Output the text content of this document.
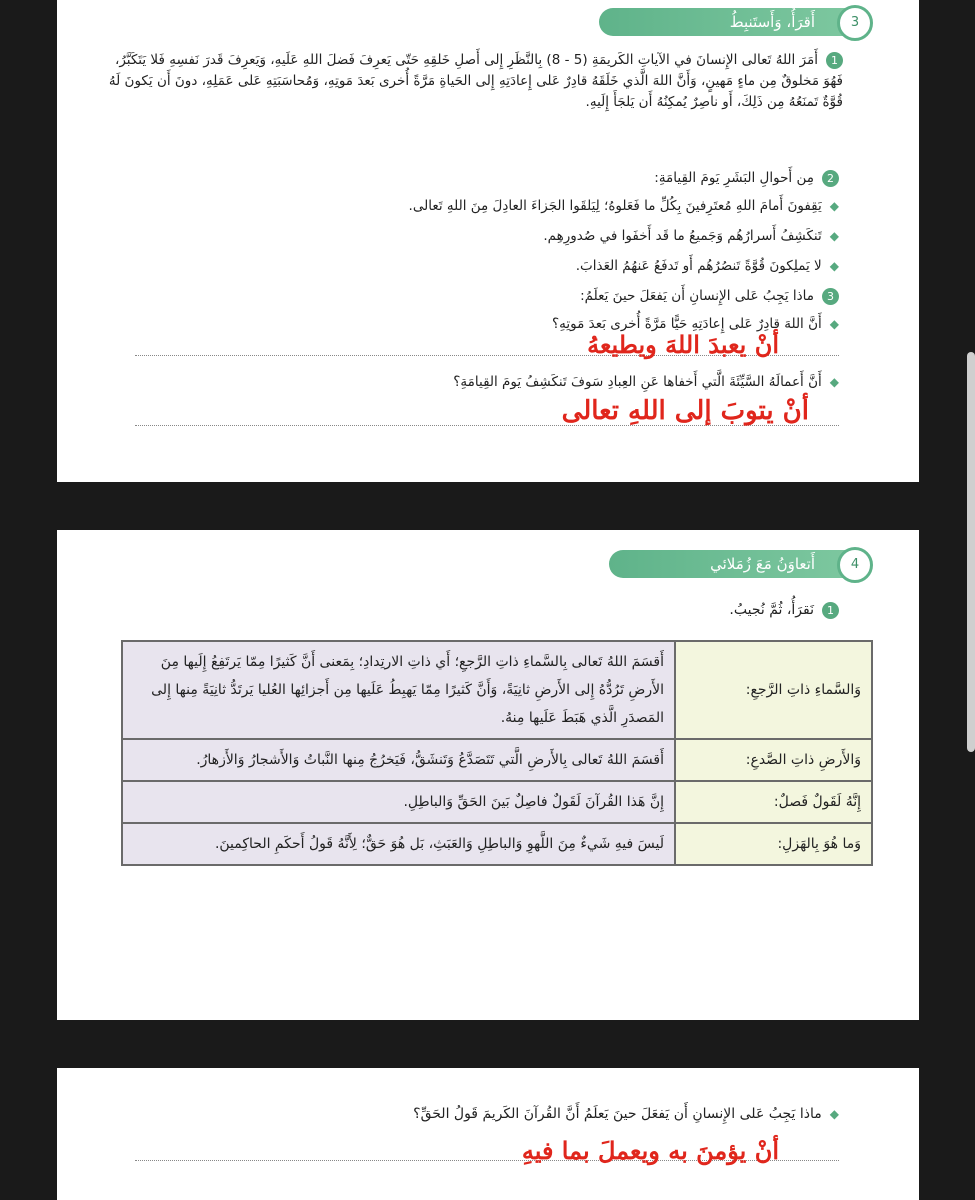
أَقرَأُ، وَأَستَنبِطُ	3
1أَمَرَ اللهُ تَعالى الإِنسانَ في الآياتِ الكَريمَةِ (5 - 8) بِالنَّظَرِ إِلى أَصلِ خَلقِهِ حَتّى يَعرِفَ فَضلَ اللهِ عَلَيهِ، وَيَعرِفَ قَدرَ نَفسِهِ فَلا يَتَكَبَّرُ، فَهُوَ مَخلوقٌ مِن ماءٍ مَهينٍ، وَأَنَّ اللهَ الَّذي خَلَقَهُ قادِرٌ عَلى إِعادَتِهِ إِلى الحَياةِ مَرَّةً أُخرى بَعدَ مَوتِهِ، وَمُحاسَبَتِهِ عَلى عَمَلِهِ، دونَ أَن يَكونَ لَهُ قُوَّةٌ تَمنَعُهُ مِن ذَلِكَ، أَو ناصِرٌ يُمكِنُهُ أَن يَلجَأَ إِلَيهِ.
2مِن أَحوالِ البَشَرِ يَومَ القِيامَةِ:
◆يَقِفونَ أَمامَ اللهِ مُعتَرِفينَ بِكُلِّ ما فَعَلوهُ؛ لِيَلقَوا الجَزاءَ العادِلَ مِنَ اللهِ تَعالى.
◆تَنكَشِفُ أَسرارُهُم وَجَميعُ ما قَد أَخفَوا في صُدورِهِم.
◆لا يَملِكونَ قُوَّةً تَنصُرُهُم أَو تَدفَعُ عَنهُمُ العَذابَ.
3ماذا يَجِبُ عَلى الإِنسانِ أَن يَفعَلَ حينَ يَعلَمُ:
◆أَنَّ اللهَ قادِرٌ عَلى إِعادَتِهِ حَيًّا مَرَّةً أُخرى بَعدَ مَوتِهِ؟
أنْ يعبدَ اللهَ ويطيعهُ
◆أَنَّ أَعمالَهُ السَّيِّئَةَ الَّتي أَخفاها عَنِ العِبادِ سَوفَ تَنكَشِفُ يَومَ القِيامَةِ؟
أنْ يتوبَ إلى اللهِ تعالى
أَتعاوَنُ مَعَ زُمَلائي	4
1نَقرَأُ، ثُمَّ نُجيبُ.
وَالسَّماءِ ذاتِ الرَّجعِ:	أَقسَمَ اللهُ تَعالى بِالسَّماءِ ذاتِ الرَّجعِ؛ أَي ذاتِ الارتِدادِ؛ بِمَعنى أَنَّ كَثيرًا مِمّا يَرتَفِعُ إِلَيها مِنَ الأَرضِ تَرُدُّهُ إِلى الأَرضِ ثانِيَةً، وَأَنَّ كَثيرًا مِمّا يَهبِطُ عَلَيها مِن أَجزائِها العُليا يَرتَدُّ ثانِيَةً مِنها إِلى المَصدَرِ الَّذي هَبَطَ عَلَيها مِنهُ.
وَالأَرضِ ذاتِ الصَّدعِ:	أَقسَمَ اللهُ تَعالى بِالأَرضِ الَّتي تَتَصَدَّعُ وَتَنشَقُّ، فَيَخرُجُ مِنها النَّباتُ وَالأَشجارُ وَالأَزهارُ.
إِنَّهُ لَقَولٌ فَصلٌ:	إِنَّ هَذا القُرآنَ لَقَولٌ فاصِلٌ بَينَ الحَقِّ وَالباطِلِ.
وَما هُوَ بِالهَزلِ:	لَيسَ فيهِ شَيءٌ مِنَ اللَّهوِ وَالباطِلِ وَالعَبَثِ، بَل هُوَ حَقٌّ؛ لِأَنَّهُ قَولُ أَحكَمِ الحاكِمينَ.
◆ماذا يَجِبُ عَلى الإِنسانِ أَن يَفعَلَ حينَ يَعلَمُ أَنَّ القُرآنَ الكَريمَ قَولُ الحَقِّ؟
أنْ يؤمنَ به ويعملَ بما فيهِ
